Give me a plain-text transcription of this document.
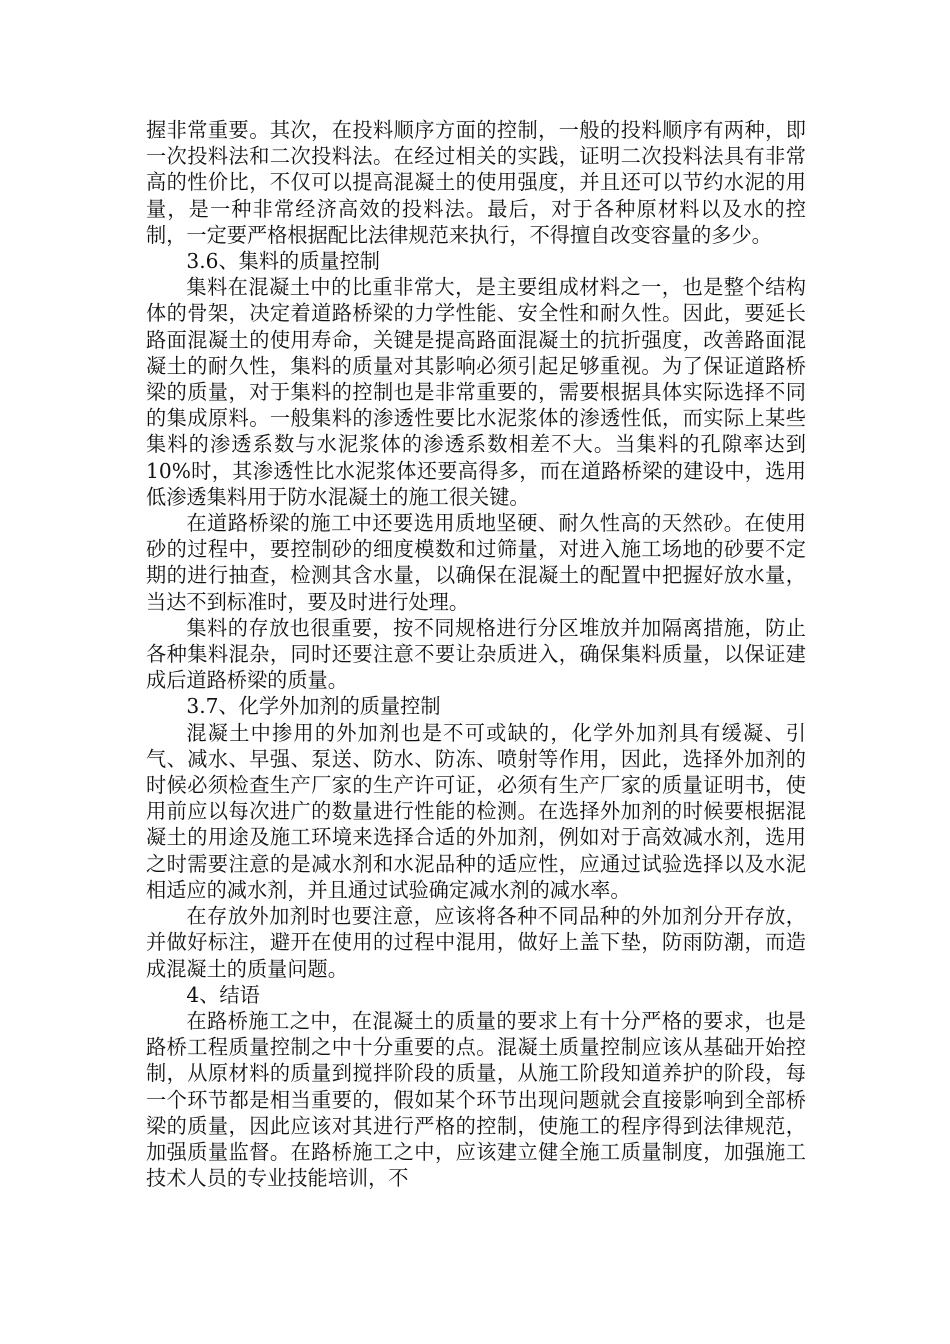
握非常重要。其次，在投料顺序方面的控制，一般的投料顺序有两种，即一次投料法和二次投料法。在经过相关的实践，证明二次投料法具有非常高的性价比，不仅可以提高混凝土的使用强度，并且还可以节约水泥的用量，是一种非常经济高效的投料法。最后，对于各种原材料以及水的控制，一定要严格根据配比法律规范来执行，不得擅自改变容量的多少。

3.6、集料的质量控制

集料在混凝土中的比重非常大，是主要组成材料之一，也是整个结构体的骨架，决定着道路桥梁的力学性能、安全性和耐久性。因此，要延长路面混凝土的使用寿命，关键是提高路面混凝土的抗折强度，改善路面混凝土的耐久性，集料的质量对其影响必须引起足够重视。为了保证道路桥梁的质量，对于集料的控制也是非常重要的，需要根据具体实际选择不同的集成原料。一般集料的渗透性要比水泥浆体的渗透性低，而实际上某些集料的渗透系数与水泥浆体的渗透系数相差不大。当集料的孔隙率达到 10%时，其渗透性比水泥浆体还要高得多，而在道路桥梁的建设中，选用低渗透集料用于防水混凝土的施工很关键。

在道路桥梁的施工中还要选用质地坚硬、耐久性高的天然砂。在使用砂的过程中，要控制砂的细度模数和过筛量，对进入施工场地的砂要不定期的进行抽查，检测其含水量，以确保在混凝土的配置中把握好放水量，当达不到标准时，要及时进行处理。

集料的存放也很重要，按不同规格进行分区堆放并加隔离措施，防止各种集料混杂，同时还要注意不要让杂质进入，确保集料质量，以保证建成后道路桥梁的质量。

3.7、化学外加剂的质量控制

混凝土中掺用的外加剂也是不可或缺的，化学外加剂具有缓凝、引气、减水、早强、泵送、防水、防冻、喷射等作用，因此，选择外加剂的时候必须检查生产厂家的生产许可证，必须有生产厂家的质量证明书，使用前应以每次进广的数量进行性能的检测。在选择外加剂的时候要根据混凝土的用途及施工环境来选择合适的外加剂，例如对于高效减水剂，选用之时需要注意的是减水剂和水泥品种的适应性，应通过试验选择以及水泥相适应的减水剂，并且通过试验确定减水剂的减水率。

在存放外加剂时也要注意，应该将各种不同品种的外加剂分开存放，并做好标注，避开在使用的过程中混用，做好上盖下垫，防雨防潮，而造成混凝土的质量问题。

4、结语

在路桥施工之中，在混凝土的质量的要求上有十分严格的要求，也是路桥工程质量控制之中十分重要的点。混凝土质量控制应该从基础开始控制，从原材料的质量到搅拌阶段的质量，从施工阶段知道养护的阶段，每一个环节都是相当重要的，假如某个环节出现问题就会直接影响到全部桥梁的质量，因此应该对其进行严格的控制，使施工的程序得到法律规范，加强质量监督。在路桥施工之中，应该建立健全施工质量制度，加强施工技术人员的专业技能培训，不
